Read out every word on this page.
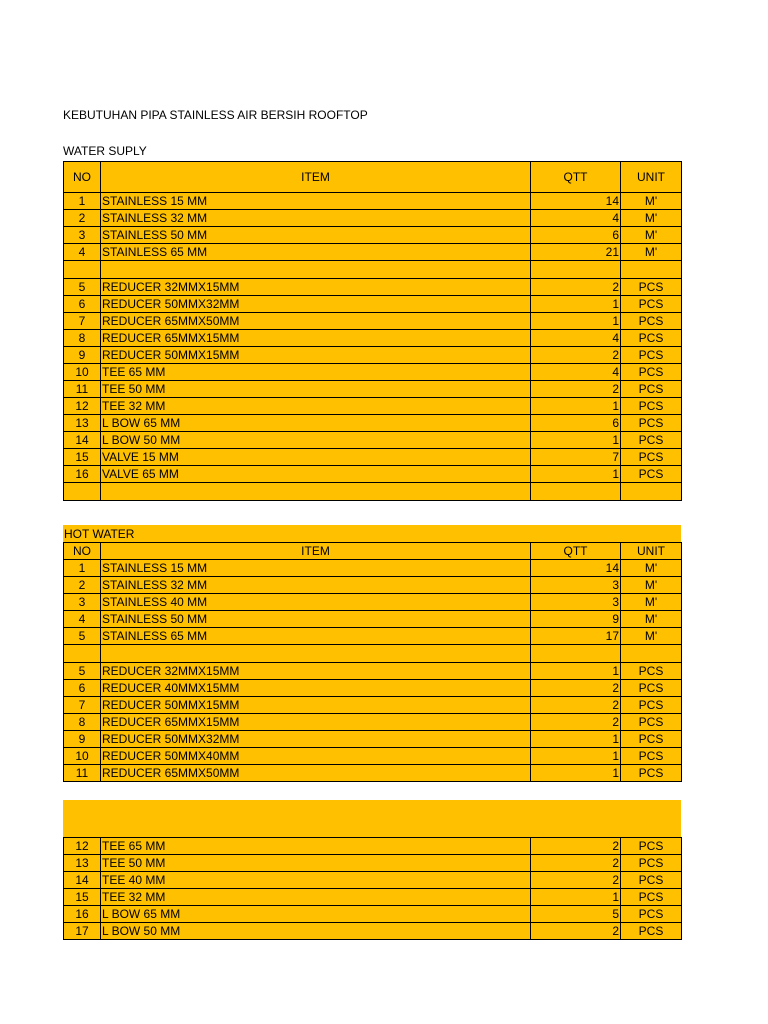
KEBUTUHAN PIPA STAINLESS AIR BERSIH ROOFTOP
WATER SUPLY
NO	ITEM	QTT	UNIT
1	STAINLESS 15 MM	14	M'
2	STAINLESS 32 MM	4	M'
3	STAINLESS 50 MM	6	M'
4	STAINLESS 65 MM	21	M'

5	REDUCER 32MMX15MM	2	PCS
6	REDUCER 50MMX32MM	1	PCS
7	REDUCER 65MMX50MM	1	PCS
8	REDUCER 65MMX15MM	4	PCS
9	REDUCER 50MMX15MM	2	PCS
10	TEE 65 MM	4	PCS
11	TEE 50 MM	2	PCS
12	TEE 32 MM	1	PCS
13	L BOW 65 MM	6	PCS
14	L BOW 50 MM	1	PCS
15	VALVE 15 MM	7	PCS
16	VALVE 65 MM	1	PCS

HOT WATER
NO	ITEM	QTT	UNIT
1	STAINLESS 15 MM	14	M'
2	STAINLESS 32 MM	3	M'
3	STAINLESS 40 MM	3	M'
4	STAINLESS 50 MM	9	M'
5	STAINLESS 65 MM	17	M'

5	REDUCER 32MMX15MM	1	PCS
6	REDUCER 40MMX15MM	2	PCS
7	REDUCER 50MMX15MM	2	PCS
8	REDUCER 65MMX15MM	2	PCS
9	REDUCER 50MMX32MM	1	PCS
10	REDUCER 50MMX40MM	1	PCS
11	REDUCER 65MMX50MM	1	PCS
12	TEE 65 MM	2	PCS
13	TEE 50 MM	2	PCS
14	TEE 40 MM	2	PCS
15	TEE 32 MM	1	PCS
16	L BOW 65 MM	5	PCS
17	L BOW 50 MM	2	PCS
